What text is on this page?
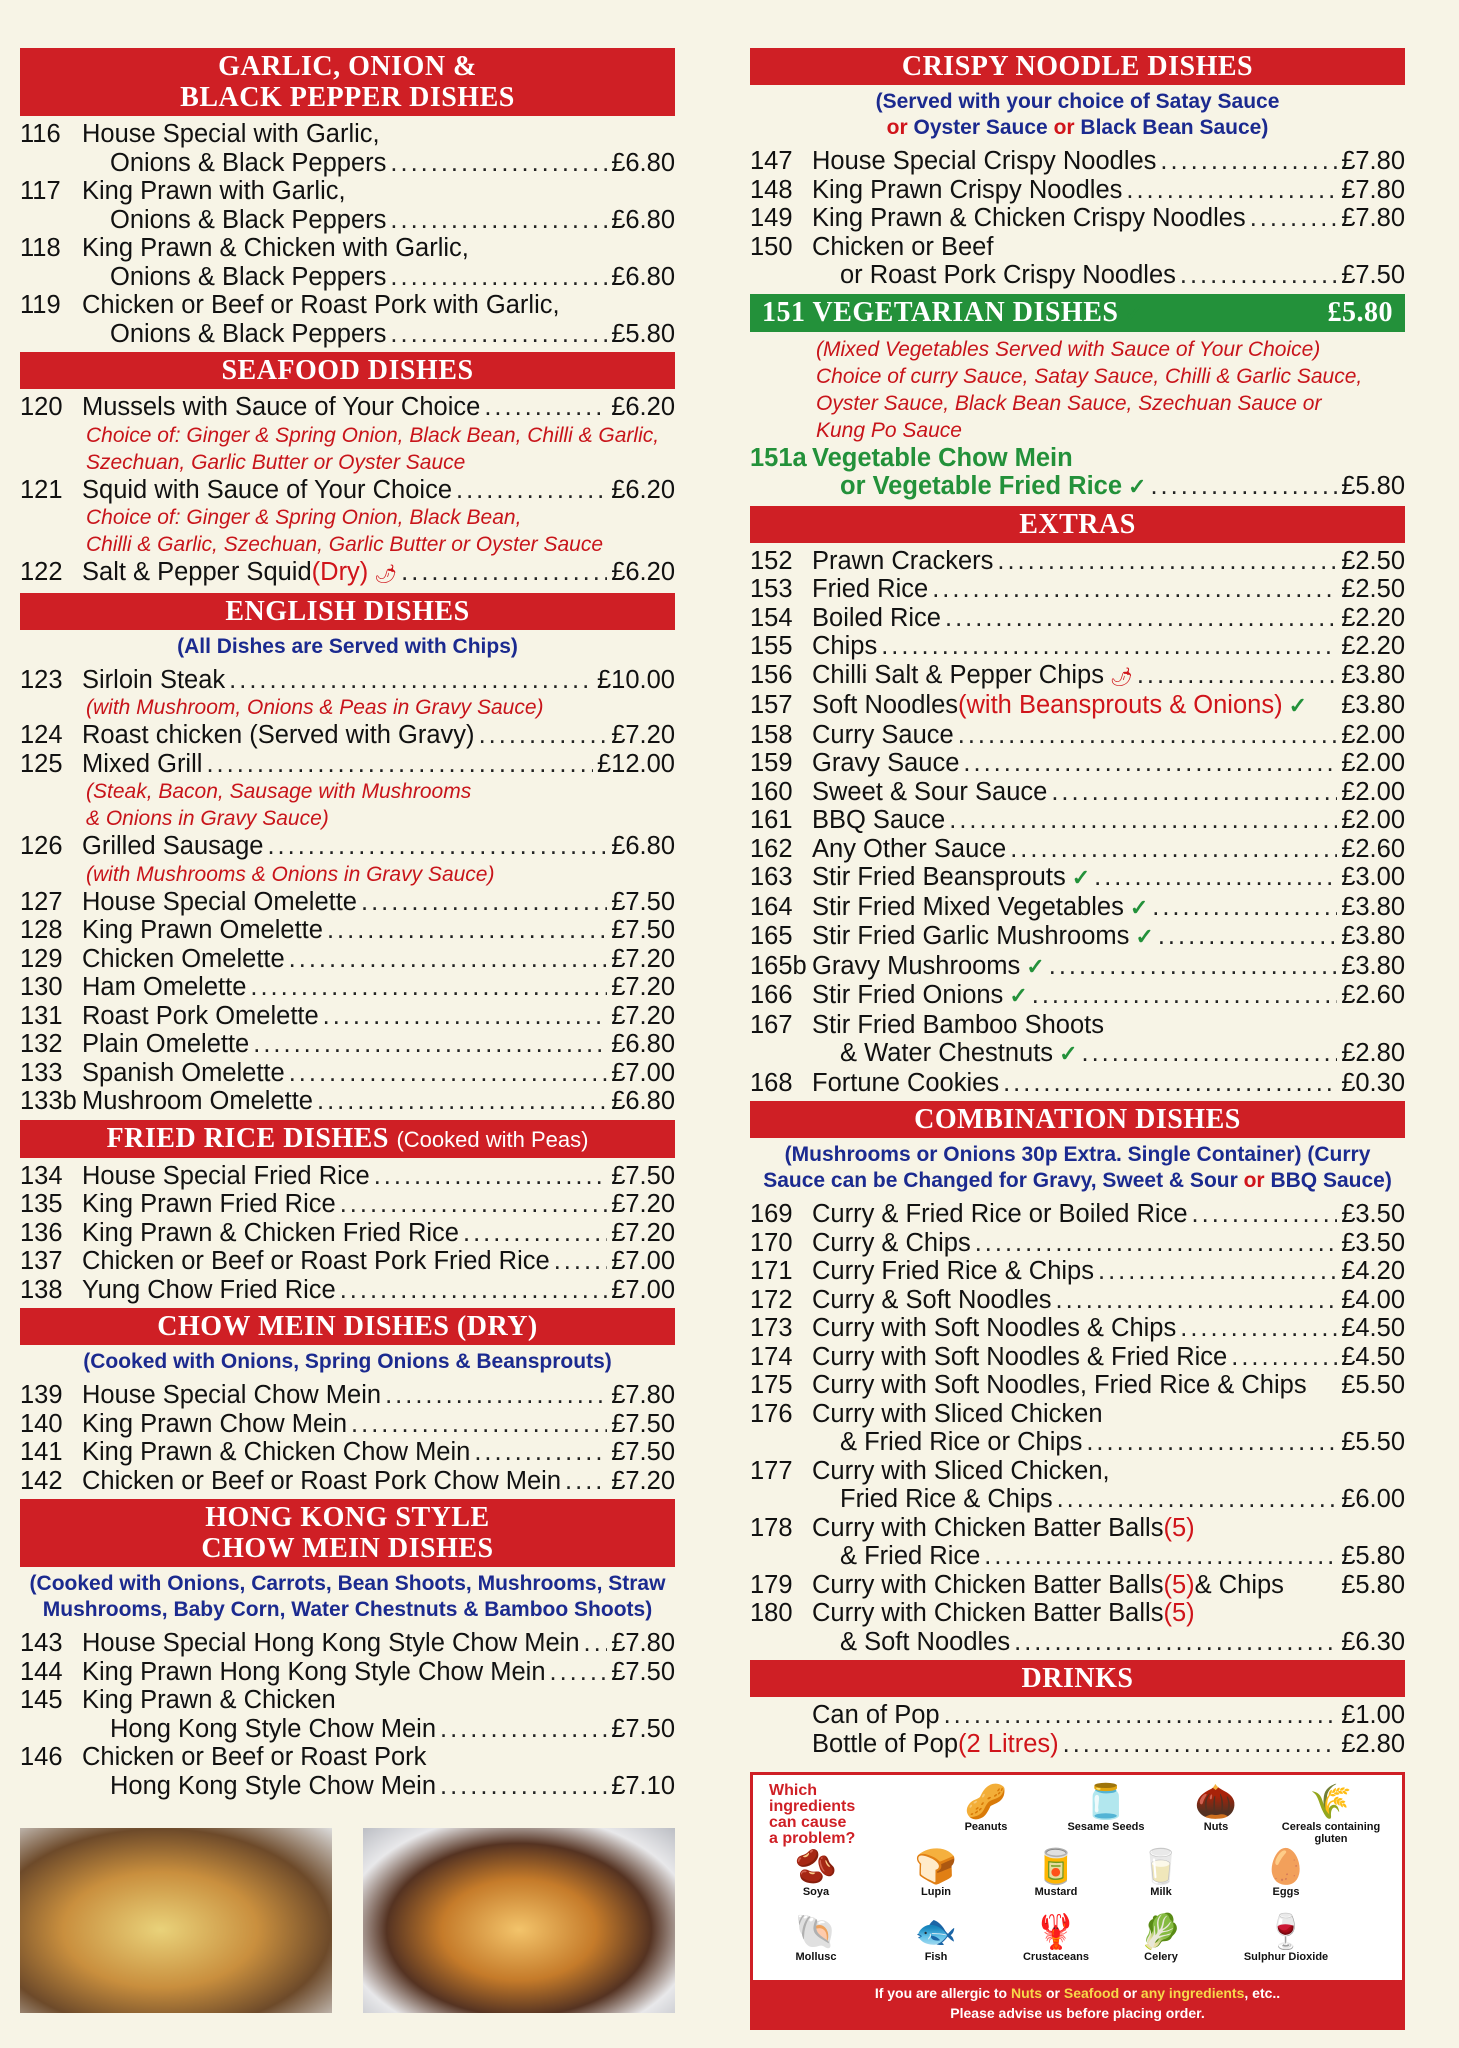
GARLIC, ONION &
BLACK PEPPER DISHES
116 House Special with Garlic,
Onions & Black Peppers .....	£6.80
117 King Prawn with Garlic,
Onions & Black Peppers .....	£6.80
118 King Prawn & Chicken with Garlic,
Onions & Black Peppers .....	£6.80
119 Chicken or Beef or Roast Pork with Garlic,
Onions & Black Peppers .....	£5.80
SEAFOOD DISHES
120 Mussels with Sauce of Your Choice .....	£6.20
Choice of: Ginger & Spring Onion, Black Bean, Chilli & Garlic,
Szechuan, Garlic Butter or Oyster Sauce
121 Squid with Sauce of Your Choice .....	£6.20
Choice of: Ginger & Spring Onion, Black Bean,
Chilli & Garlic, Szechuan, Garlic Butter or Oyster Sauce
122 Salt & Pepper Squid (Dry) 🌶 .....	£6.20
ENGLISH DISHES
(All Dishes are Served with Chips)
123 Sirloin Steak .....	£10.00
(with Mushroom, Onions & Peas in Gravy Sauce)
124 Roast chicken (Served with Gravy) .....	£7.20
125 Mixed Grill .....	£12.00
(Steak, Bacon, Sausage with Mushrooms
& Onions in Gravy Sauce)
126 Grilled Sausage .....	£6.80
(with Mushrooms & Onions in Gravy Sauce)
127 House Special Omelette .....	£7.50
128 King Prawn Omelette .....	£7.50
129 Chicken Omelette .....	£7.20
130 Ham Omelette .....	£7.20
131 Roast Pork Omelette .....	£7.20
132 Plain Omelette .....	£6.80
133 Spanish Omelette .....	£7.00
133b Mushroom Omelette .....	£6.80
FRIED RICE DISHES (Cooked with Peas)
134 House Special Fried Rice .....	£7.50
135 King Prawn Fried Rice .....	£7.20
136 King Prawn & Chicken Fried Rice .....	£7.20
137 Chicken or Beef or Roast Pork Fried Rice ..... £7.00
138 Yung Chow Fried Rice .....	£7.00
CHOW MEIN DISHES (DRY)
(Cooked with Onions, Spring Onions & Beansprouts)
139 House Special Chow Mein .....	£7.80
140 King Prawn Chow Mein .....	£7.50
141 King Prawn & Chicken Chow Mein .....	£7.50
142 Chicken or Beef or Roast Pork Chow Mein ..... £7.20
HONG KONG STYLE
CHOW MEIN DISHES
(Cooked with Onions, Carrots, Bean Shoots, Mushrooms, Straw
Mushrooms, Baby Corn, Water Chestnuts & Bamboo Shoots)
143 House Special Hong Kong Style Chow Mein ..... £7.80
144 King Prawn Hong Kong Style Chow Mein .....	£7.50
145 King Prawn & Chicken
Hong Kong Style Chow Mein .....	£7.50
146 Chicken or Beef or Roast Pork
Hong Kong Style Chow Mein .....	£7.10
CRISPY NOODLE DISHES
(Served with your choice of Satay Sauce
or Oyster Sauce or Black Bean Sauce)
147 House Special Crispy Noodles .....	£7.80
148 King Prawn Crispy Noodles .....	£7.80
149 King Prawn & Chicken Crispy Noodles .....	£7.80
150 Chicken or Beef
or Roast Pork Crispy Noodles .....	£7.50
151 VEGETARIAN DISHES ✓	£5.80
(Mixed Vegetables Served with Sauce of Your Choice)
Choice of curry Sauce, Satay Sauce, Chilli & Garlic Sauce,
Oyster Sauce, Black Bean Sauce, Szechuan Sauce or
Kung Po Sauce
151a Vegetable Chow Mein
or Vegetable Fried Rice ✓ .....	£5.80
EXTRAS
152 Prawn Crackers .....	£2.50
153 Fried Rice .....	£2.50
154 Boiled Rice .....	£2.20
155 Chips .....	£2.20
156 Chilli Salt & Pepper Chips 🌶 .....	£3.80
157 Soft Noodles (with Beansprouts & Onions) ✓ £3.80
158 Curry Sauce .....	£2.00
159 Gravy Sauce .....	£2.00
160 Sweet & Sour Sauce .....	£2.00
161 BBQ Sauce .....	£2.00
162 Any Other Sauce .....	£2.60
163 Stir Fried Beansprouts ✓ .....	£3.00
164 Stir Fried Mixed Vegetables ✓ .....	£3.80
165 Stir Fried Garlic Mushrooms ✓ .....	£3.80
165b Gravy Mushrooms ✓ .....	£3.80
166 Stir Fried Onions ✓ .....	£2.60
167 Stir Fried Bamboo Shoots
& Water Chestnuts ✓ .....	£2.80
168 Fortune Cookies .....	£0.30
COMBINATION DISHES
(Mushrooms or Onions 30p Extra. Single Container) (Curry
Sauce can be Changed for Gravy, Sweet & Sour or BBQ Sauce)
169 Curry & Fried Rice or Boiled Rice .....	£3.50
170 Curry & Chips .....	£3.50
171 Curry Fried Rice & Chips .....	£4.20
172 Curry & Soft Noodles .....	£4.00
173 Curry with Soft Noodles & Chips .....	£4.50
174 Curry with Soft Noodles & Fried Rice .....	£4.50
175 Curry with Soft Noodles, Fried Rice & Chips £5.50
176 Curry with Sliced Chicken
& Fried Rice or Chips .....	£5.50
177 Curry with Sliced Chicken,
Fried Rice & Chips .....	£6.00
178 Curry with Chicken Batter Balls (5)
& Fried Rice .....	£5.80
179 Curry with Chicken Batter Balls (5) & Chips £5.80
180 Curry with Chicken Batter Balls (5)
& Soft Noodles .....	£6.30
DRINKS
Can of Pop .....	£1.00
Bottle of Pop (2 Litres) .....	£2.80
Which
ingredients
can cause
a problem?
🥜
Peanuts
🫙
Sesame Seeds
🌰
Nuts
🌾
Cereals containing gluten
🫘
Soya
🍞
Lupin
🥫
Mustard
🥛
Milk
🥚
Eggs
🐚
Mollusc
🐟
Fish
🦞
Crustaceans
🥬
Celery
🍷
Sulphur Dioxide
If you are allergic to Nuts or Seafood or any ingredients, etc..
Please advise us before placing order.
